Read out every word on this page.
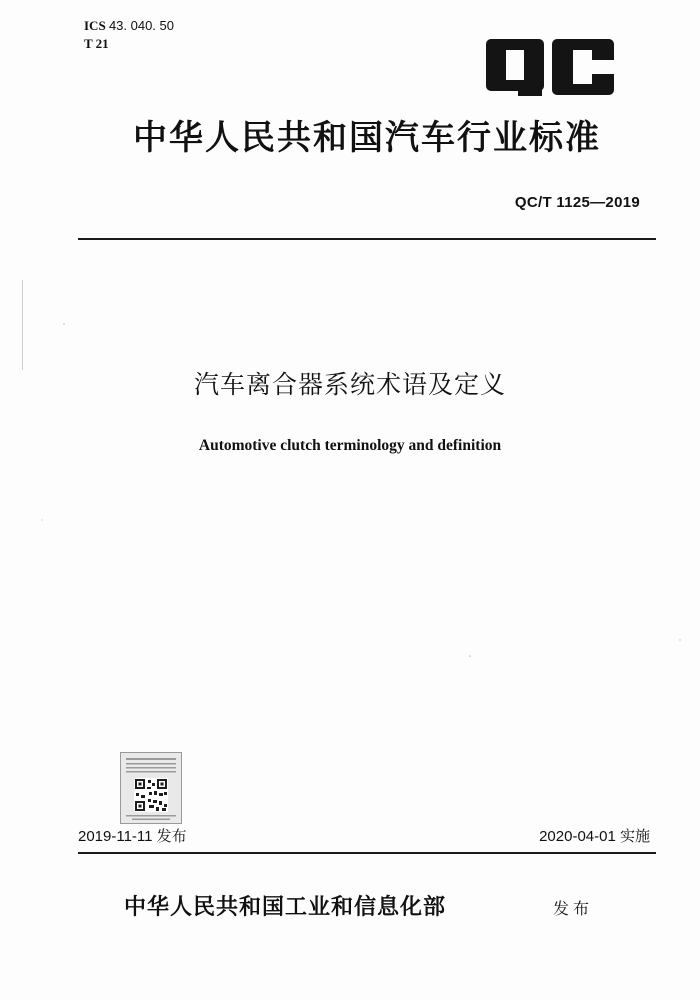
ICS 43. 040. 50
T 21
中华人民共和国汽车行业标准
QC/T 1125—2019
汽车离合器系统术语及定义
Automotive clutch terminology and definition
2019-11-11 发布	2020-04-01 实施
中华人民共和国工业和信息化部	发布
